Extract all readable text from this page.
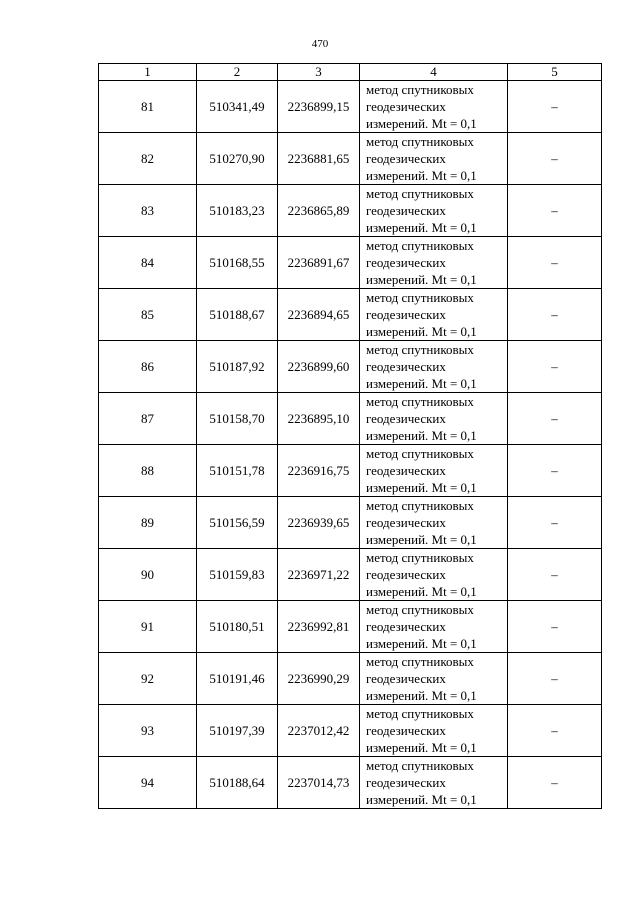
470
1	2	3	4	5
81	510341,49	2236899,15	метод спутниковых
геодезических
измерений. Mt = 0,1	–
82	510270,90	2236881,65	метод спутниковых
геодезических
измерений. Mt = 0,1	–
83	510183,23	2236865,89	метод спутниковых
геодезических
измерений. Mt = 0,1	–
84	510168,55	2236891,67	метод спутниковых
геодезических
измерений. Mt = 0,1	–
85	510188,67	2236894,65	метод спутниковых
геодезических
измерений. Mt = 0,1	–
86	510187,92	2236899,60	метод спутниковых
геодезических
измерений. Mt = 0,1	–
87	510158,70	2236895,10	метод спутниковых
геодезических
измерений. Mt = 0,1	–
88	510151,78	2236916,75	метод спутниковых
геодезических
измерений. Mt = 0,1	–
89	510156,59	2236939,65	метод спутниковых
геодезических
измерений. Mt = 0,1	–
90	510159,83	2236971,22	метод спутниковых
геодезических
измерений. Mt = 0,1	–
91	510180,51	2236992,81	метод спутниковых
геодезических
измерений. Mt = 0,1	–
92	510191,46	2236990,29	метод спутниковых
геодезических
измерений. Mt = 0,1	–
93	510197,39	2237012,42	метод спутниковых
геодезических
измерений. Mt = 0,1	–
94	510188,64	2237014,73	метод спутниковых
геодезических
измерений. Mt = 0,1	–
